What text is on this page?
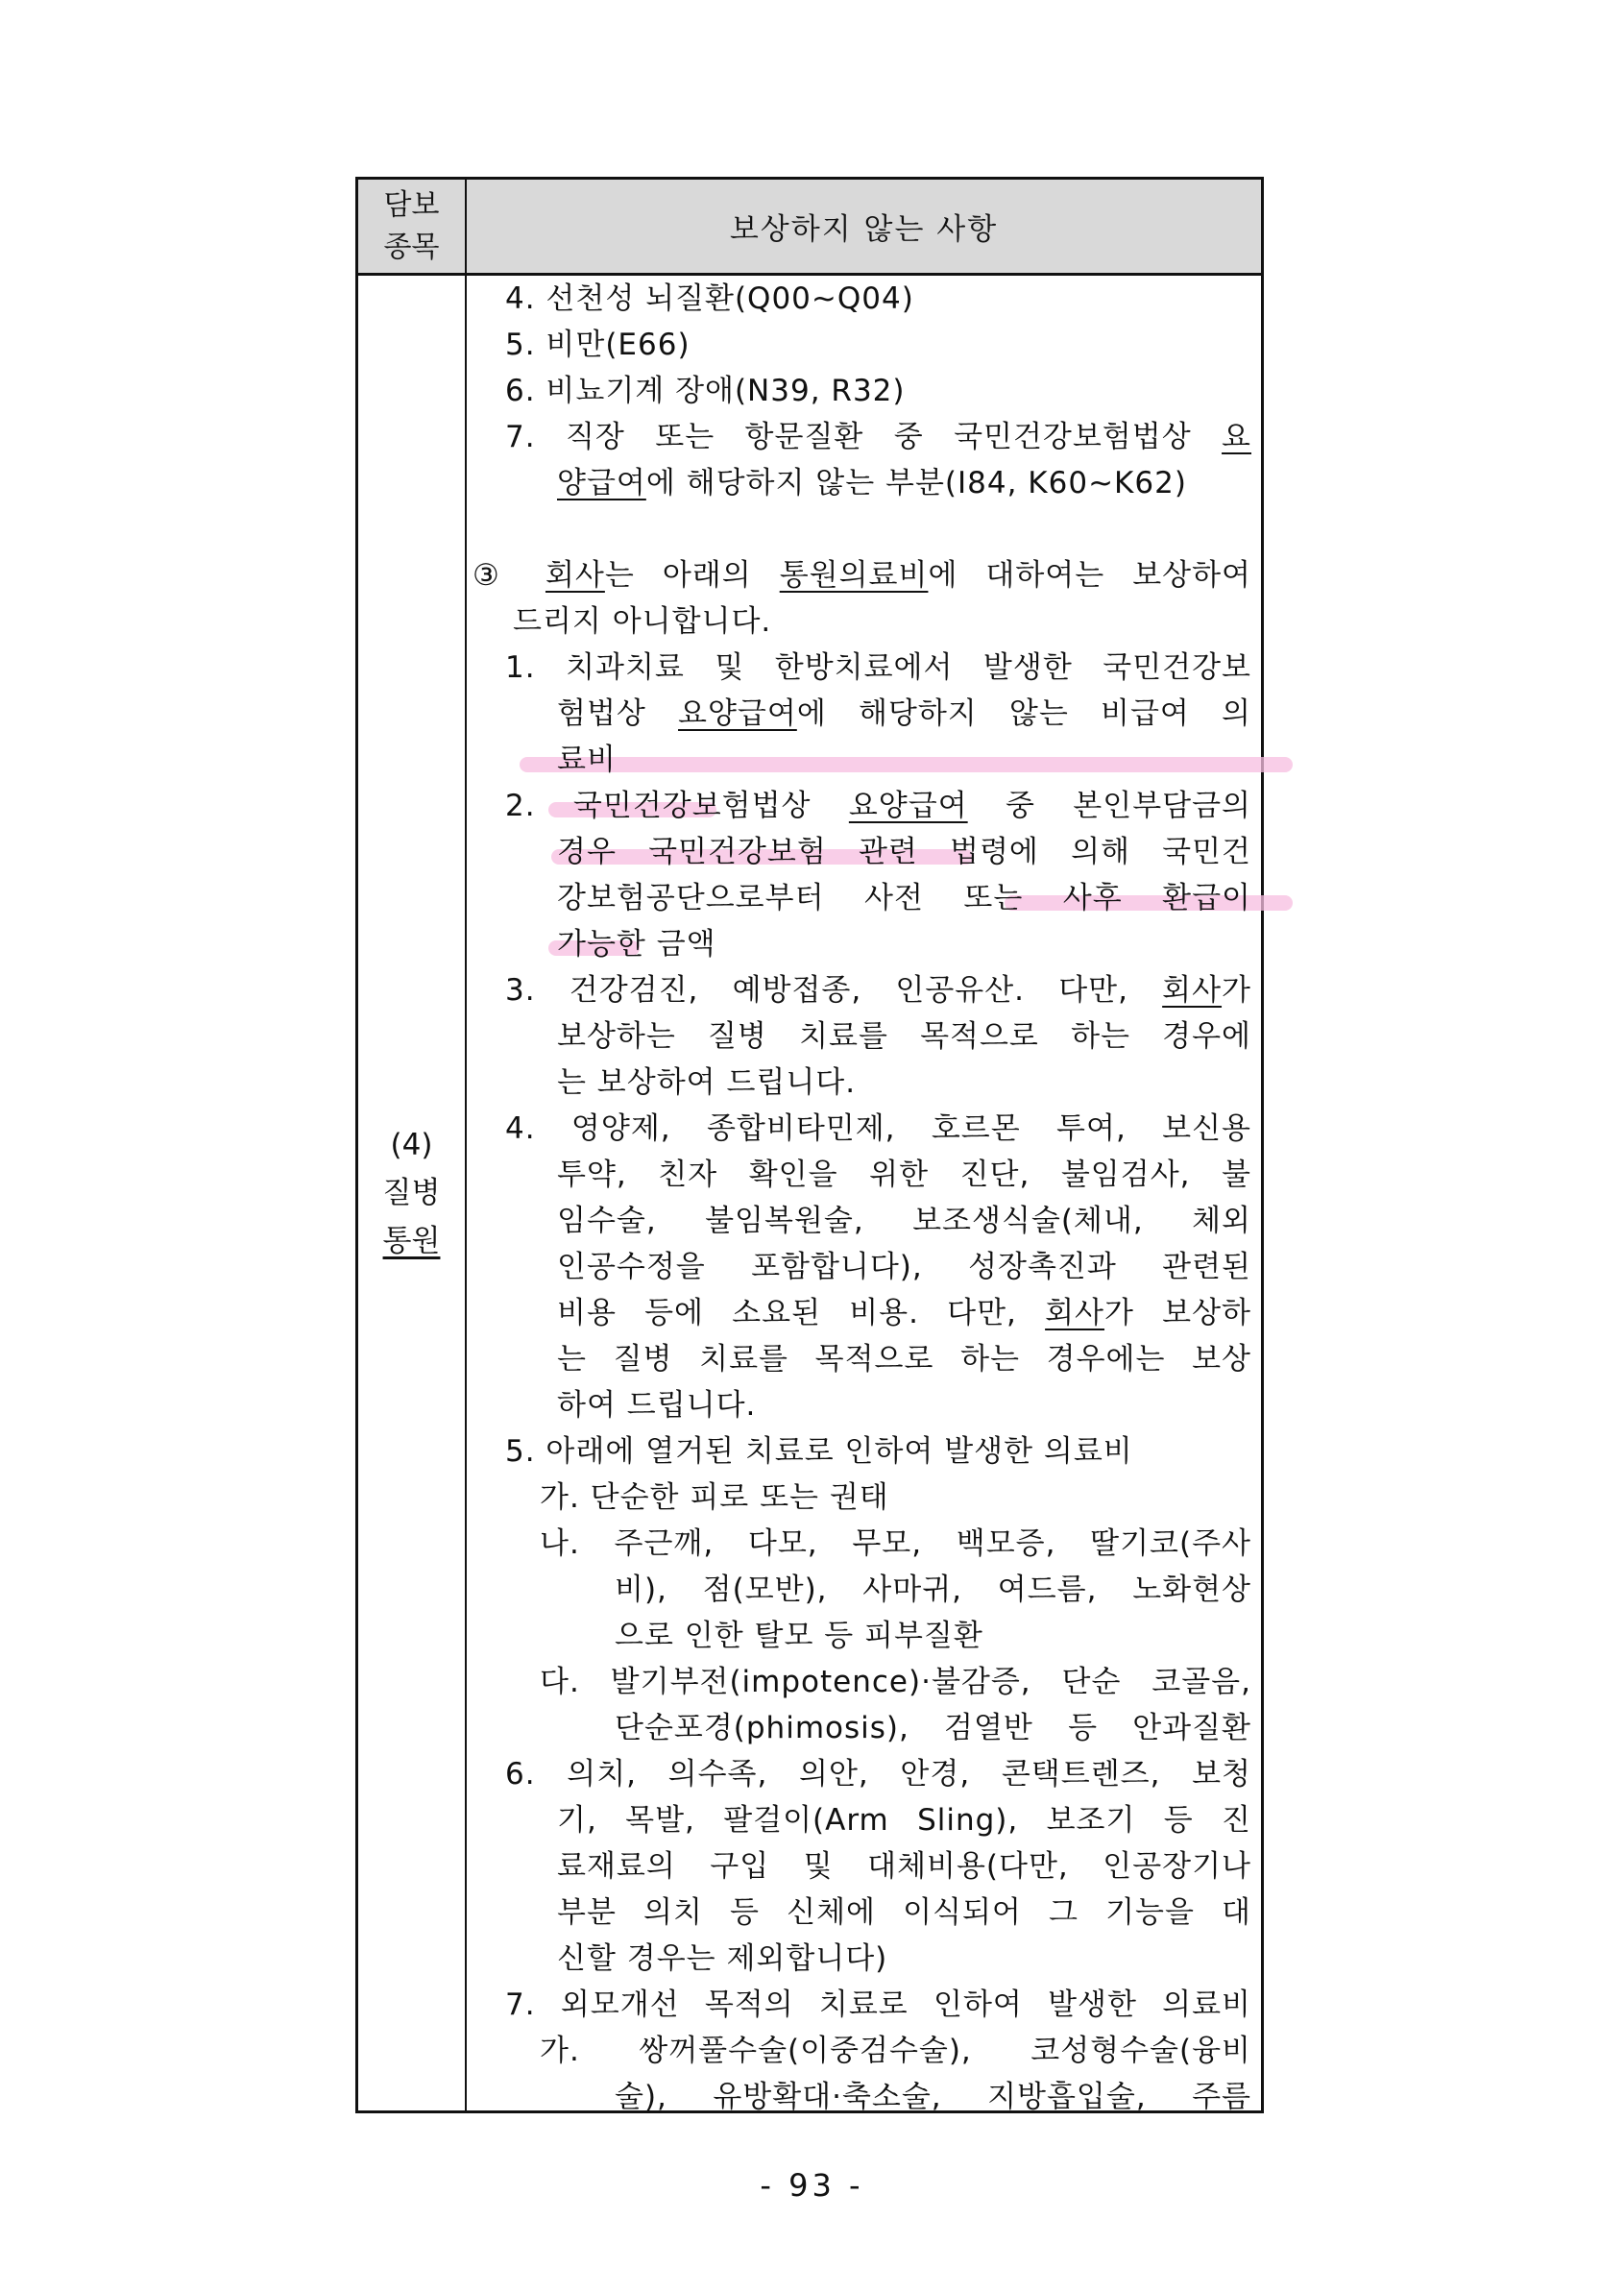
담보
종목	보상하지 않는 사항
(4)
질병
통원
4. 선천성 뇌질환(Q00~Q04)
5. 비만(E66)
6. 비뇨기계 장애(N39, R32)
7. 직장 또는 항문질환 중 국민건강보험법상 요
양급여에 해당하지 않는 부분(I84, K60~K62)
③ 회사는 아래의 통원의료비에 대하여는 보상하여
드리지 아니합니다.
1. 치과치료 및 한방치료에서 발생한 국민건강보
험법상 요양급여에 해당하지 않는 비급여 의
료비
2. 국민건강보험법상 요양급여 중 본인부담금의
경우 국민건강보험 관련 법령에 의해 국민건
강보험공단으로부터 사전 또는 사후 환급이
가능한 금액
3. 건강검진, 예방접종, 인공유산. 다만, 회사가
보상하는 질병 치료를 목적으로 하는 경우에
는 보상하여 드립니다.
4. 영양제, 종합비타민제, 호르몬 투여, 보신용
투약, 친자 확인을 위한 진단, 불임검사, 불
임수술, 불임복원술, 보조생식술(체내, 체외
인공수정을 포함합니다), 성장촉진과 관련된
비용 등에 소요된 비용. 다만, 회사가 보상하
는 질병 치료를 목적으로 하는 경우에는 보상
하여 드립니다.
5. 아래에 열거된 치료로 인하여 발생한 의료비
가. 단순한 피로 또는 권태
나. 주근깨, 다모, 무모, 백모증, 딸기코(주사
비), 점(모반), 사마귀, 여드름, 노화현상
으로 인한 탈모 등 피부질환
다. 발기부전(impotence)·불감증, 단순 코골음,
단순포경(phimosis), 검열반 등 안과질환
6. 의치, 의수족, 의안, 안경, 콘택트렌즈, 보청
기, 목발, 팔걸이(Arm Sling), 보조기 등 진
료재료의 구입 및 대체비용(다만, 인공장기나
부분 의치 등 신체에 이식되어 그 기능을 대
신할 경우는 제외합니다)
7. 외모개선 목적의 치료로 인하여 발생한 의료비
가. 쌍꺼풀수술(이중검수술), 코성형수술(융비
술), 유방확대·축소술, 지방흡입술, 주름
- 93 -
